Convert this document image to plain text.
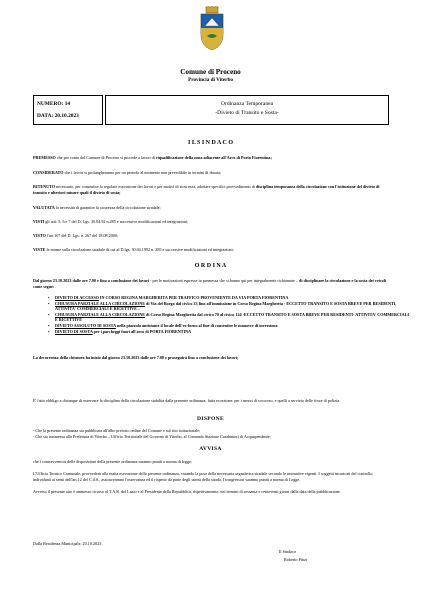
Comune di Proceno
Provincia di Viterbo
NUMERO: 14
DATA: 20.10.2023
Ordinanza Temporanea
-Divieto di Transito e Sosta-
I L S I N D A C O
PREMESSO che per conto del Comune di Proceno si procede a lavori di riqualificazione della zona adiacente all'Arco di Porta Fiorentina;
CONSIDERATO che i lavori si prolungheranno per un periodo al momento non prevedibile in termini di durata;
RITENUTO necessario, per consentire la regolare esecuzione dei lavori e per motivi di sicurezza, adottare specifici provvedimenti di disciplina temporanea della circolazione con l'istituzione del divieto di transito e ulteriori misure quali il divieto di sosta;
VALUTATA la necessità di garantire la sicurezza della circolazione stradale;
VISTI gli artt. 5, 6 e 7 del D. Lgs. 30.04.92 n.285 e successive modificazioni ed integrazioni;
VISTO l'art.107 del D. Lgs. n. 267 del 18.08.2000;
VISTE le norme sulla circolazione stradale di cui al D.lgs. 30.04.1992 n. 285 e successive modificazioni ed integrazioni;
O R D I N A
Dal giorno 23.10.2023 dalle ore 7.00 e fino a conclusione dei lavori - per le motivazioni espresse in premessa che si hanno qui per integralmente richiamate – di disciplinare la circolazione e la sosta dei veicoli come segue:
• DIVIETO DI ACCESSO IN CORSO REGINA MARGHERITA PER TRAFFICO PROVENIENTE DA VIA PORTA FIORENTINA
• CHIUSURA PARZIALE ALLA CIRCOLAZIONE di Via del Borgo dal civico 33 fino all'immissione in Corso Regina Margherita - ECCETTO TRANSITO E SOSTA BREVE PER RESIDENTI, ATTIVITA' COMMERCIALI E RICETTIVE –
• CHIUSURA PARZIALE ALLA CIRCOLAZIONE di Corso Regina Margherita dal civico 70 al civico 124 -ECCETTO TRANSITO E SOSTA BREVE PER RESIDENTI- ATTIVITA' COMMERCIALI E RICETTIVE
• DIVIETO ASSOLUTO DI SOSTA nella piazzola antistante il locale dell'ex-forno al fine di consentire le manovre di inversione.
• DIVIETO DI SOSTA per i parcheggi fuori all'arco di PORTA FIORENTINA
La decorrenza della chiusura ha inizio dal giorno 23.10.2023 dalle ore 7.00 e proseguirà fino a conclusione dei lavori;
E' fatto obbligo a chiunque di osservare la disciplina della circolazione stabilita dalla presente ordinanza, fatta eccezione, per i mezzi di soccorso, e quelli a servizio delle forze di polizia.
DISPONE
- Che la presente ordinanza sia pubblicata all'albo pretorio online del Comune e sul sito istituzionale;
- Che sia trasmessa alla Prefettura di Viterbo – Ufficio Territoriale del Governo di Viterbo, al Comando Stazione Carabinieri di Acquapendente;
AVVISA
che i contravventori delle disposizioni della presente ordinanza saranno puniti a norma di legge;
L'Ufficio Tecnico Comunale, provvederà alla esatta esecuzione della presente ordinanza, curando la posa della necessaria segnaletica stradale secondo le normative vigenti. I soggetti incaricati del controllo, individuati ai sensi dell'art.12 del C.d.S., assicureranno l'osservanza ed il rispetto da parte degli utenti della strada. I trasgressori saranno puniti a norma di Legge.
Avverso il presente atto è ammesso ricorso al T.A.R. del Lazio e al Presidente della Repubblica, rispettivamente, nei termini di sessanta e centoventi giorni dalla data della pubblicazione.
Dalla Residenza Municipale, 20.10.2023
Il Sindaco
Roberto Pinzi
